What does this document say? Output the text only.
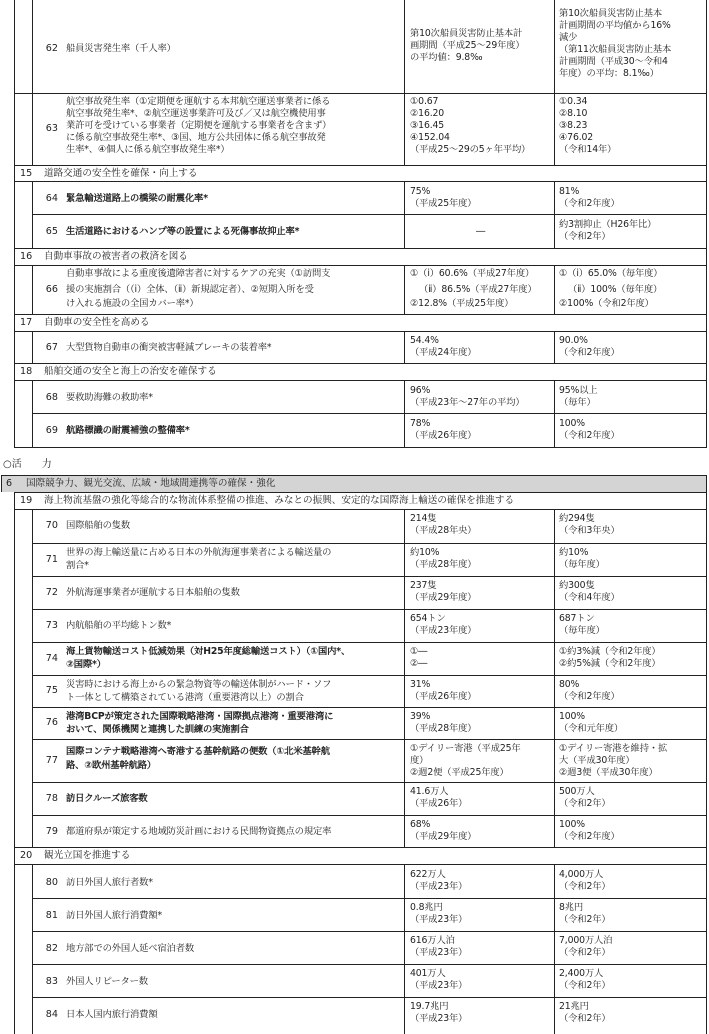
62 船員災害発生率（千人率）
第10次船員災害防止基本計
画期間（平成25～29年度）
の平均値：9.8‰
第10次船員災害防止基本
計画期間の平均値から16%
減少
（第11次船員災害防止基本
計画期間（平成30～令和4
年度）の平均：8.1‰）
63
航空事故発生率（①定期便を運航する本邦航空運送事業者に係る
航空事故発生率*、②航空運送事業許可及び／又は航空機使用事
業許可を受けている事業者（定期便を運航する事業者を含まず）
に係る航空事故発生率*、③国、地方公共団体に係る航空事故発
生率*、④個人に係る航空事故発生率*）
①0.67
②16.20
③16.45
④152.04
（平成25～29の5ヶ年平均）
①0.34
②8.10
③8.23
④76.02
（令和14年）
15 道路交通の安全性を確保・向上する
64 緊急輸送道路上の橋梁の耐震化率*
75%
（平成25年度）
81%
（令和2年度）
65 生活道路におけるハンプ等の設置による死傷事故抑止率*	―
約3割抑止（H26年比）
（令和2年）
16 自動車事故の被害者の救済を図る
66
自動車事故による重度後遺障害者に対するケアの充実（①訪問支
援の実施割合（（ⅰ）全体、（ⅱ）新規認定者）、②短期入所を受
け入れる施設の全国カバー率*）
①（ⅰ）60.6%（平成27年度）
（ⅱ）86.5%（平成27年度）
②12.8%（平成25年度）
①（ⅰ）65.0%（毎年度）
（ⅱ）100%（毎年度）
②100%（令和2年度）
17 自動車の安全性を高める
67 大型貨物自動車の衝突被害軽減ブレーキの装着率*
54.4%
（平成24年度）
90.0%
（令和2年度）
18 船舶交通の安全と海上の治安を確保する
68 要救助海難の救助率*
96%
（平成23年～27年の平均）
95%以上
（毎年）
69 航路標識の耐震補強の整備率*
78%
（平成26年度）
100%
（令和2年度）
○活　　力
6 国際競争力、観光交流、広域・地域間連携等の確保・強化
19 海上物流基盤の強化等総合的な物流体系整備の推進、みなとの振興、安定的な国際海上輸送の確保を推進する
70 国際船舶の隻数
214隻
（平成28年央）
約294隻
（令和3年央）
71
世界の海上輸送量に占める日本の外航海運事業者による輸送量の
割合*
約10%
（平成28年度）
約10%
（毎年度）
72 外航海運事業者が運航する日本船舶の隻数
237隻
（平成29年度）
約300隻
（令和4年度）
73 内航船舶の平均総トン数*
654トン
（平成23年度）
687トン
（毎年度）
74
海上貨物輸送コスト低減効果（対H25年度総輸送コスト）（①国内*、
②国際*）
①―
②―
①約3%減（令和2年度）
②約5%減（令和2年度）
75
災害時における海上からの緊急物資等の輸送体制がハード・ソフ
ト一体として構築されている港湾（重要港湾以上）の割合
31%
（平成26年度）
80%
（令和2年度）
76
港湾BCPが策定された国際戦略港湾・国際拠点港湾・重要港湾に
おいて、関係機関と連携した訓練の実施割合
39%
（平成28年度）
100%
（令和元年度）
77
国際コンテナ戦略港湾へ寄港する基幹航路の便数（①北米基幹航
路、②欧州基幹航路）
①デイリー寄港（平成25年
度）
②週2便（平成25年度）
①デイリー寄港を維持・拡
大（平成30年度）
②週3便（平成30年度）
78 訪日クルーズ旅客数
41.6万人
（平成26年）
500万人
（令和2年）
79 都道府県が策定する地域防災計画における民間物資拠点の規定率
68%
（平成29年度）
100%
（令和2年度）
20 観光立国を推進する
80 訪日外国人旅行者数*
622万人
（平成23年）
4,000万人
（令和2年）
81 訪日外国人旅行消費額*
0.8兆円
（平成23年）
8兆円
（令和2年）
82 地方部での外国人延べ宿泊者数
616万人泊
（平成23年）
7,000万人泊
（令和2年）
83 外国人リピーター数
401万人
（平成23年）
2,400万人
（令和2年）
84 日本人国内旅行消費額
19.7兆円
（平成23年）
21兆円
（令和2年）
